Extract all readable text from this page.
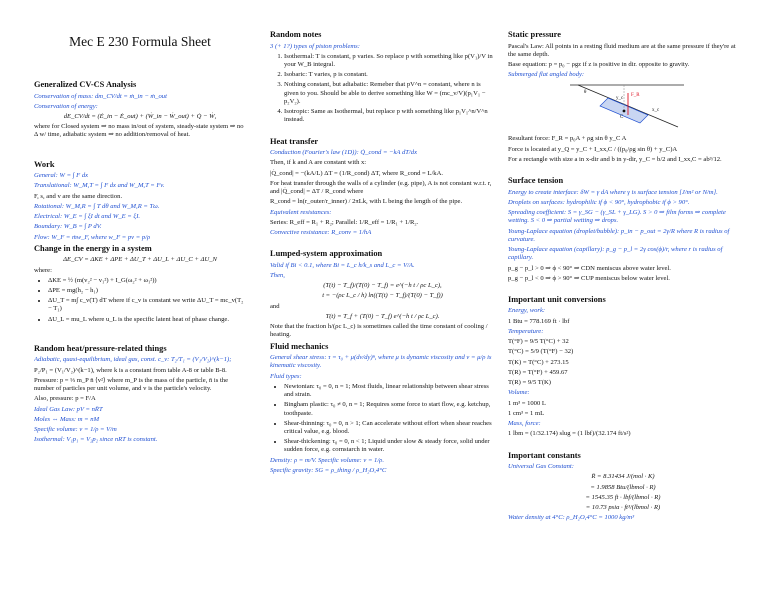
Mec E 230 Formula Sheet
Generalized CV-CS Analysis

Conservation of mass: dm_CV/dt = ṁ_in − ṁ_out

Conservation of energy:

dE_CV/dt = (Ė_in − Ė_out) + (Ẇ_in − Ẇ_out) + Q̇ − Ẇ,

where for Closed system ⇒ no mass in/out of system, steady-state system ⇒ no Δ w/ time, adiabatic system ⇒ no addition/removal of heat.

Work

General: W = ∫ F dx

Translational: W_M,T = ∫ F dx and W_M,T = Fv.

F, s, and v are the same direction.

Rotational: W_M,R = ∫ T dθ and W_M,R = Tω.

Electrical: W_E = ∫ ξI dt and W_E = ξI.

Boundary: W_B = ∫ P dV.

Flow: W_F = ṁw_F, where w_F = pv = p/ρ

Change in the energy in a system

ΔE_CV = ΔKE + ΔPE + ΔU_T + ΔU_L + ΔU_C + ΔU_N

where:

• ΔKE = ½ (m(v₂² − v₁²) + I_G(ω₂² + ω₁²))
• ΔPE = mg(h₂ − h₁)
• ΔU_T = m∫ c_v(T) dT where if c_v is constant we write ΔU_T = mc_v(T₂ − T₁)
• ΔU_L = mu_L where u_L is the specific latent heat of phase change.
Random heat/pressure-related things

Adiabatic, quasi-equilibrium, ideal gas, const. c_v: T₂/T₁ = (V₁/V₂)^(k−1);

P₂/P₁ = (V₁/V₂)^(k−1), where k is a constant from table A-8 or table B-8.

Pressure: p = ⅓ m_P n̄ ⟨v²⟩ where m_P is the mass of the particle, n̄ is the number of particles per unit volume, and v is the particle's velocity.

Also, pressure: p = F/A

Ideal Gas Law: pV = nR̄T

Moles ⇔ Mass: m = nM

Specific volume: v = 1/ρ = V/m

Isothermal: V₁p₁ = V₂p₂ since nRT is constant.

Random notes

3 (+ 1?) types of piston problems:

1. Isothermal: T is constant, p varies. So replace p with something like p(V₁)/V in your W_B integral.
2. Isobaric: T varies, p is constant.
3. Nothing constant, but adiabatic: Remeber that pV^n = constant, where n is given to you. Should be able to derive something like W = (mc_v/V)(p₁V₁ − p₂V₂).
4. Isotropic: Same as Isothermal, but replace p with something like p₁V₁^n/V^n instead.
Heat transfer

Conduction (Fourier's law (1D)): Q̇_cond = −kA dT/dx

Then, if k and A are constant with x:

|Q̇_cond| = −(kA/L) ΔT = (1/R_cond) ΔT, where R_cond = L/kA.

For heat transfer through the walls of a cylinder (e.g. pipe), A is not constant w.r.t. r, and |Q̇_cond| = ΔT / R_cond where

R_cond = ln(r_outer/r_inner) / 2πLk, with L being the length of the pipe.

Equivalent resistances:

Series: R_eff = R₁ + R₂; Parallel: 1/R_eff = 1/R₁ + 1/R₂.

Convective resistance: R_conv = 1/hA

Lumped-system approximation

Valid if Bi < 0.1, where Bi = L_c h/k_s and L_c = V/A.

Then,

(T(t) − T_f)/(T(0) − T_f) = e^(−h t / ρc L_c),

t = −(ρc L_c / h) ln((T(t) − T_f)/(T(0) − T_f))

and

T(t) = T_f + (T(0) − T_f) e^(−h t / ρc L_c).

Note that the fraction h/(ρc L_c) is sometimes called the time constant of cooling / heating.

Fluid mechanics

General shear stress: τ = τ₀ + μ(dv/dy)ⁿ, where μ is dynamic viscosity and ν = μ/ρ is kinematic viscosity.

Fluid types:

• Newtonian: τ₀ = 0, n = 1; Most fluids, linear relationship between shear stress and strain.
• Bingham plastic: τ₀ ≠ 0, n = 1; Requires some force to start flow, e.g. ketchup, toothpaste.
• Shear-thinning: τ₀ = 0, n > 1; Can accelerate without effort when shear reaches critical value, e.g. blood.
• Shear-thickening: τ₀ = 0, n < 1; Liquid under slow & steady force, solid under sudden force, e.g. cornstarch in water.

Density: ρ = m/V. Specific volume: v = 1/ρ.

Specific gravity: SG = ρ_thing / ρ_H₂O,4°C

Static pressure

Pascal's Law: All points in a resting fluid medium are at the same pressure if they're at the same depth.

Base equation: p = p₀ − ρgz if z is positive in dir. opposite to gravity.

Submerged flat angled body:

F_R
y_c
C
x_c
θ

Resultant force: F_R = p₀A + ρg sin θ y_C A

Force is located at y_Q = y_C + I_xx,C / ((p₀/ρg sin θ) + y_C)A

For a rectangle with size a in x-dir and b in y-dir, y_C = b/2 and I_xx,C = ab³/12.

Surface tension

Energy to create interface: δW = γ dA where γ is surface tension [J/m² or N/m].

Droplets on surfaces: hydrophilic if ϕ < 90°, hydrophobic if ϕ > 90°.

Spreading coefficient: S = γ_SG − (γ_SL + γ_LG). S > 0 ⇒ film forms ⇒ complete wetting. S < 0 ⇒ partial wetting ⇒ drops.

Young-Laplace equation (droplet/bubble): p_in − p_out = 2γ/R where R is radius of curvature.

Young-Laplace equation (capillary): p_g − p_l = 2γ cos(ϕ)/r, where r is radius of capillary.

p_g − p_l > 0 ⇒ ϕ < 90° ⇒ CDN meniscus above water level.

p_g − p_l < 0 ⇒ ϕ > 90° ⇒ CUP meniscus below water level.

Important unit conversions

Energy, work:

1 Btu = 778.169 ft · lbf

Temperature:

T(°F) = 9/5 T(°C) + 32

T(°C) = 5/9 (T(°F) − 32)

T(K) = T(°C) + 273.15

T(R) = T(°F) + 459.67

T(R) = 9/5 T(K)

Volume:

1 m³ = 1000 L

1 cm³ = 1 mL

Mass, force:

1 lbm = (1/32.174) slug = (1 lbf)/(32.174 ft/s²)

Important constants

Universal Gas Constant:

R̄ = 8.31434 J/(mol · K)

= 1.9858 Btu/(lbmol · R)

= 1545.35 ft · lbf/(lbmol · R)

= 10.73 psia · ft³/(lbmol · R)

Water density at 4°C: ρ_H₂O,4°C = 1000 kg/m³
